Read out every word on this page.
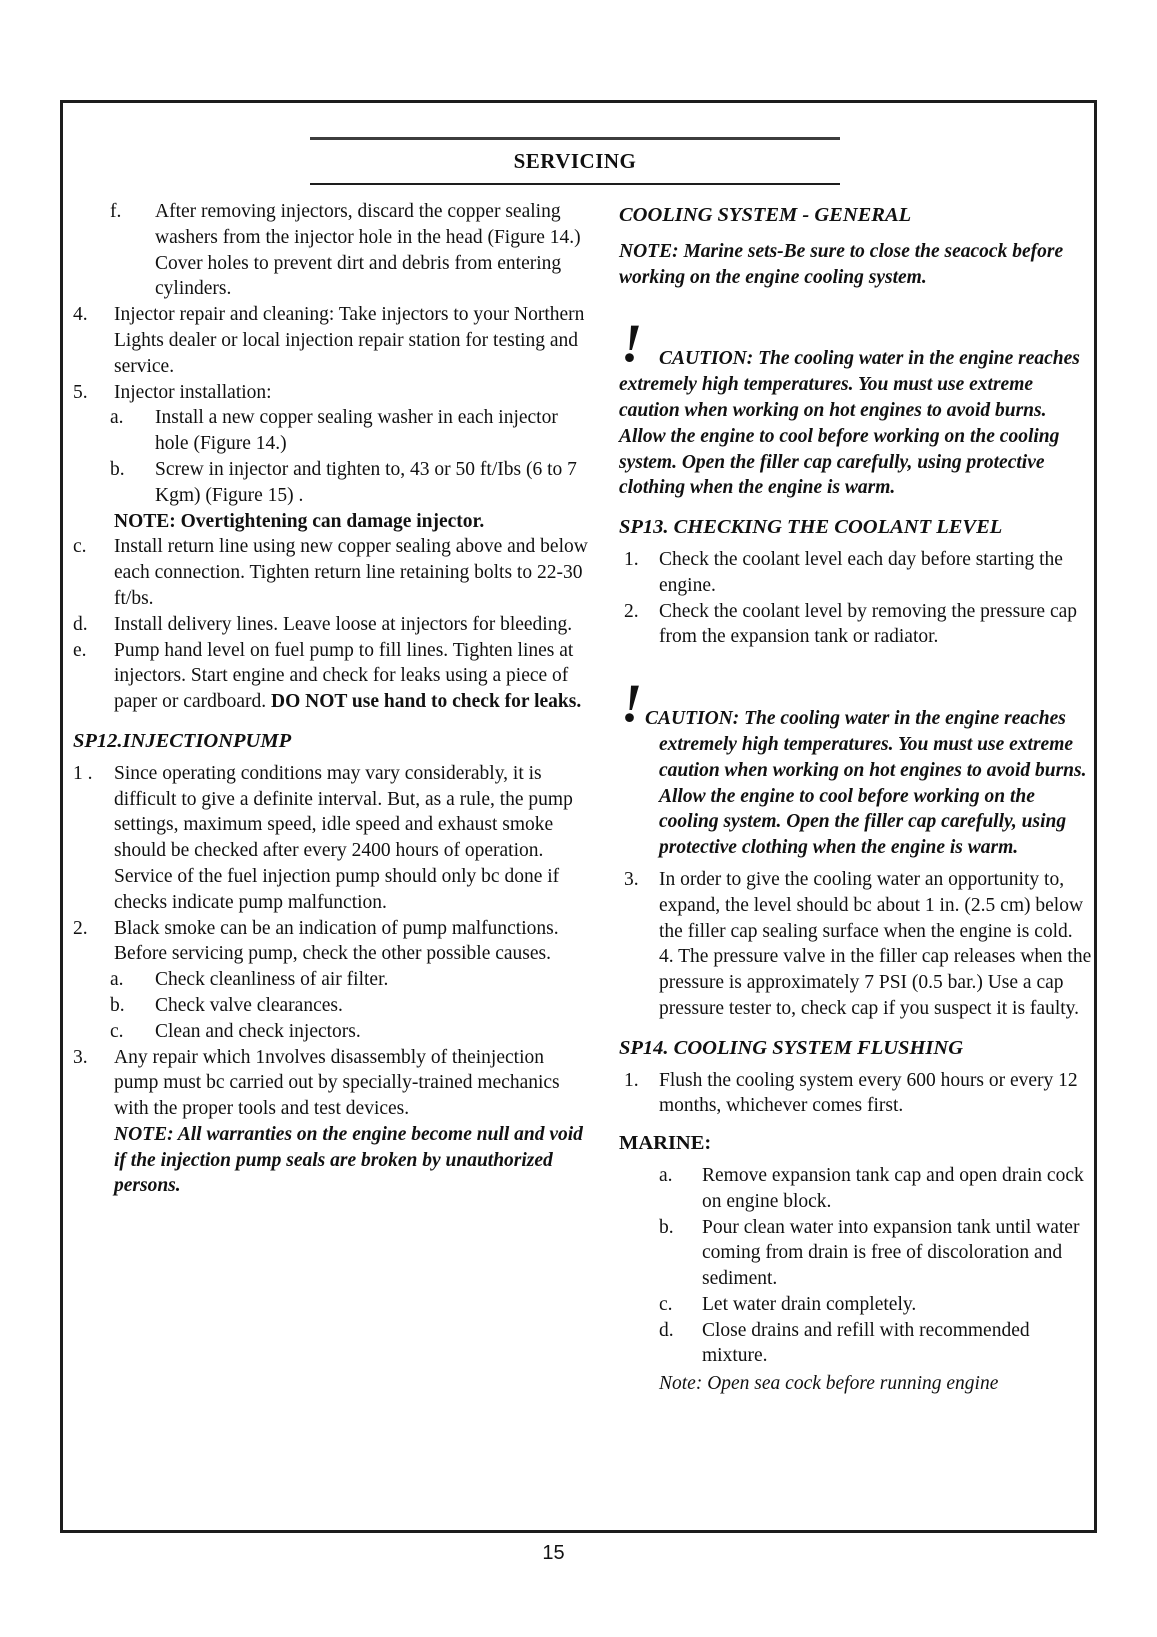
SERVICING
f.	After removing injectors, discard the copper sealing washers from the injector hole in the head (Figure 14.) Cover holes to prevent dirt and debris from entering cylinders.
4.	Injector repair and cleaning: Take injectors to your Northern Lights dealer or local injection repair station for testing and service.
5.	Injector installation:
a.	Install a new copper sealing washer in each injector hole (Figure 14.)
b.	Screw in injector and tighten to, 43 or 50 ft/Ibs (6 to 7 Kgm) (Figure 15) .
NOTE: Overtightening can damage injector.
c.	Install return line using new copper sealing above and below each connection. Tighten return line retaining bolts to 22-30 ft/bs.
d.	Install delivery lines. Leave loose at injectors for bleeding.
e.	Pump hand level on fuel pump to fill lines. Tighten lines at injectors. Start engine and check for leaks using a piece of paper or cardboard. DO NOT use hand to check for leaks.
SP12.INJECTIONPUMP
1 .	Since operating conditions may vary considerably, it is difficult to give a definite interval. But, as a rule, the pump settings, maximum speed, idle speed and exhaust smoke should be checked after every 2400 hours of operation. Service of the fuel injection pump should only bc done if checks indicate pump malfunction.
2.	Black smoke can be an indication of pump malfunctions. Before servicing pump, check the other possible causes.
a.	Check cleanliness of air filter.
b.	Check valve clearances.
c.	Clean and check injectors.
3.	Any repair which 1nvolves disassembly of theinjection pump must bc carried out by specially-trained mechanics with the proper tools and test devices.
NOTE: All warranties on the engine become null and void if the injection pump seals are broken by unauthorized persons.
COOLING SYSTEM - GENERAL

NOTE: Marine sets-Be sure to close the seacock before working on the engine cooling system.

! CAUTION: The cooling water in the engine reaches extremely high temperatures. You must use extreme caution when working on hot engines to avoid burns. Allow the engine to cool before working on the cooling system. Open the filler cap carefully, using protective clothing when the engine is warm.

SP13. CHECKING THE COOLANT LEVEL
1.	Check the coolant level each day before starting the engine.
2.	Check the coolant level by removing the pressure cap from the expansion tank or radiator.
! CAUTION: The cooling water in the engine reaches extremely high temperatures. You must use extreme caution when working on hot engines to avoid burns. Allow the engine to cool before working on the cooling system. Open the filler cap carefully, using protective clothing when the engine is warm.

3.	In order to give the cooling water an opportunity to, expand, the level should bc about 1 in. (2.5 cm) below the filler cap sealing surface when the engine is cold. 4. The pressure valve in the filler cap releases when the pressure is approximately 7 PSI (0.5 bar.) Use a cap pressure tester to, check cap if you suspect it is faulty.
SP14. COOLING SYSTEM FLUSHING
1.	Flush the cooling system every 600 hours or every 12 months, whichever comes first.
MARINE:
a.	Remove expansion tank cap and open drain cock on engine block.
b.	Pour clean water into expansion tank until water coming from drain is free of discoloration and sediment.
c.	Let water drain completely.
d.	Close drains and refill with recommended mixture.
Note: Open sea cock before running engine
15
